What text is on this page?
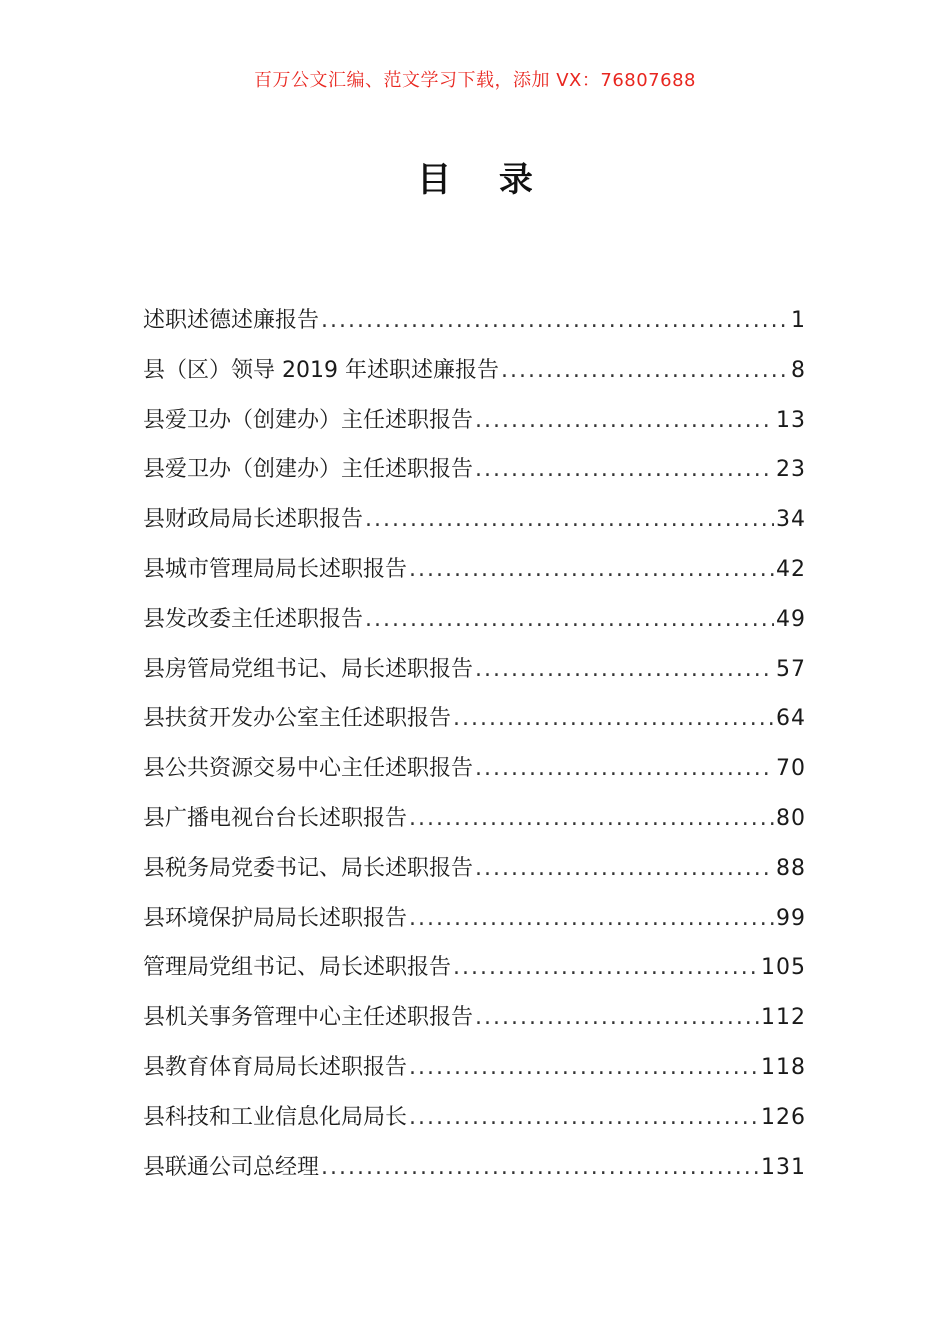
百万公文汇编、范文学习下载，添加 VX：76807688
目 录
述职述德述廉报告 .....	1
县（区）领导 2019 年述职述廉报告 .....	8
县爱卫办（创建办）主任述职报告 .....	13
县爱卫办（创建办）主任述职报告 .....	23
县财政局局长述职报告 .....	34
县城市管理局局长述职报告 .....	42
县发改委主任述职报告 .....	49
县房管局党组书记、局长述职报告 .....	57
县扶贫开发办公室主任述职报告 .....	64
县公共资源交易中心主任述职报告 .....	70
县广播电视台台长述职报告 .....	80
县税务局党委书记、局长述职报告 .....	88
县环境保护局局长述职报告 .....	99
管理局党组书记、局长述职报告 .....	105
县机关事务管理中心主任述职报告 .....	112
县教育体育局局长述职报告 .....	118
县科技和工业信息化局局长 .....	126
县联通公司总经理 .....	131
